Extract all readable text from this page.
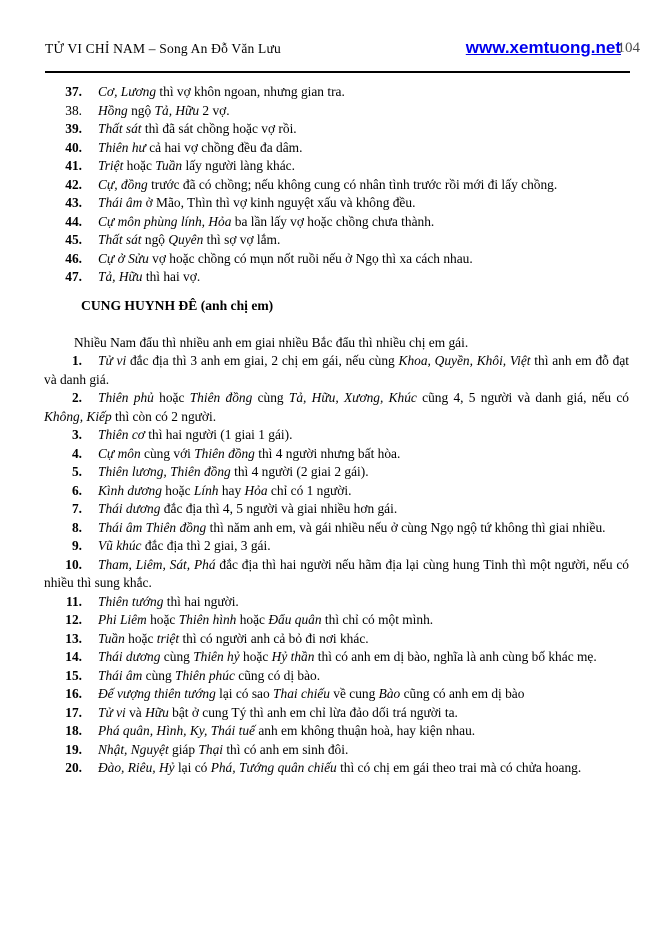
TỬ VI CHỈ NAM – Song An Đỗ Văn Lưu	www.xemtuong.net
104

37. Cơ, Lương thì vợ khôn ngoan, nhưng gian tra.

38. Hồng ngộ Tả, Hữu 2 vợ.

39. Thất sát thì đã sát chồng hoặc vợ rồi.

40. Thiên hư cả hai vợ chồng đều đa dâm.

41. Triệt hoặc Tuần lấy người làng khác.

42. Cự, đồng trước đã có chồng; nếu không cung có nhân tình trước rồi mới đi lấy chồng.

43. Thái âm ở Mão, Thìn thì vợ kinh nguyệt xấu và không đều.

44. Cự môn phùng lính, Hỏa ba lần lấy vợ hoặc chồng chưa thành.

45. Thất sát ngộ Quyên thì sợ vợ lắm.

46. Cự ở Sửu vợ hoặc chồng có mụn nốt ruồi nếu ở Ngọ thì xa cách nhau.

47. Tả, Hữu thì hai vợ.

CUNG HUYNH ĐÊ (anh chị em)

Nhiều Nam đẩu thì nhiều anh em giai nhiều Bắc đẩu thì nhiều chị em gái.

1. Tử vi đắc địa thì 3 anh em giai, 2 chị em gái, nếu cùng Khoa, Quyền, Khôi, Việt thì anh em đỗ đạt và danh giá.

2. Thiên phủ hoặc Thiên đồng cùng Tả, Hữu, Xương, Khúc cũng 4, 5 người và danh giá, nếu có Không, Kiếp thì còn có 2 người.

3. Thiên cơ thì hai người (1 giai 1 gái).

4. Cự môn cùng với Thiên đồng thì 4 người nhưng bất hòa.

5. Thiên lương, Thiên đồng thì 4 người (2 giai 2 gái).

6. Kình dương hoặc Lính hay Hỏa chỉ có 1 người.

7. Thái dương đắc địa thì 4, 5 người và giai nhiều hơn gái.

8. Thái âm Thiên đồng thì năm anh em, và gái nhiều nếu ở cùng Ngọ ngộ tứ không thì giai nhiều.

9. Vũ khúc đắc địa thì 2 giai, 3 gái.

10. Tham, Liêm, Sát, Phá đắc địa thì hai người nếu hãm địa lại cùng hung Tinh thì một người, nếu có nhiều thì sung khắc.

11. Thiên tướng thì hai người.

12. Phi Liêm hoặc Thiên hình hoặc Đẩu quân thì chỉ có một mình.

13. Tuần hoặc triệt thì có người anh cả bỏ đi nơi khác.

14. Thái dương cùng Thiên hỷ hoặc Hỷ thần thì có anh em dị bào, nghĩa là anh cùng bố khác mẹ.

15. Thái âm cùng Thiên phúc cũng có dị bào.

16. Đế vượng thiên tướng lại có sao Thai chiếu về cung Bào cũng có anh em dị bào

17. Tử vi và Hữu bật ở cung Tý thì anh em chỉ lừa đảo dối trá người ta.

18. Phá quân, Hình, Ky, Thái tuế anh em không thuận hoà, hay kiện nhau.

19. Nhật, Nguyệt giáp Thại thì có anh em sinh đôi.

20. Đào, Riêu, Hỷ lại có Phá, Tướng quân chiếu thì có chị em gái theo trai mà có chửa hoang.
